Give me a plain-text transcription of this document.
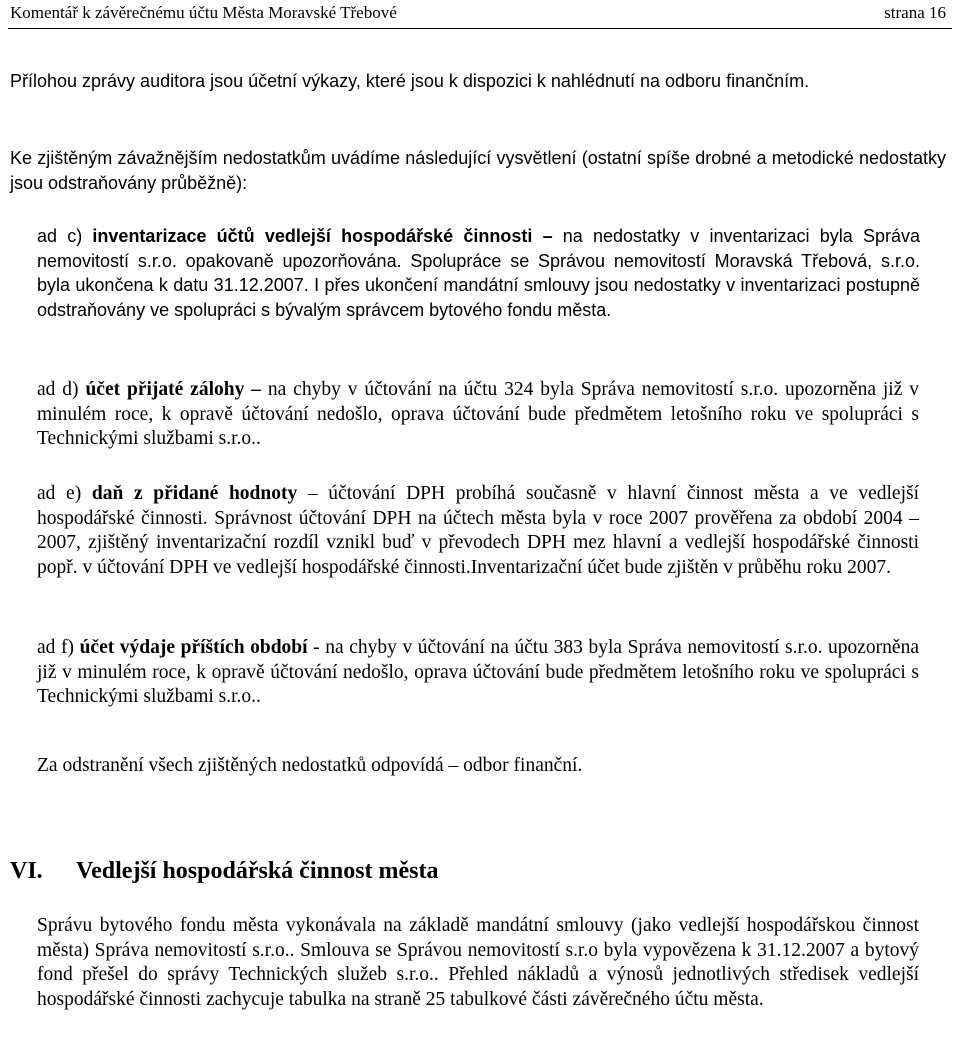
Komentář k závěrečnému účtu Města Moravské Třebové	strana 16

Přílohou zprávy auditora jsou účetní výkazy, které jsou k dispozici k nahlédnutí na odboru finančním.

Ke zjištěným závažnějším nedostatkům uvádíme následující vysvětlení (ostatní spíše drobné a metodické nedostatky jsou odstraňovány průběžně):

ad c) inventarizace účtů vedlejší hospodářské činnosti – na nedostatky v inventarizaci byla Správa nemovitostí s.r.o. opakovaně upozorňována. Spolupráce se Správou nemovitostí Moravská Třebová, s.r.o. byla ukončena k datu 31.12.2007. I přes ukončení mandátní smlouvy jsou nedostatky v inventarizaci postupně odstraňovány ve spolupráci s bývalým správcem bytového fondu města.

ad d) účet přijaté zálohy – na chyby v účtování na účtu 324 byla Správa nemovitostí s.r.o. upozorněna již v minulém roce, k opravě účtování nedošlo, oprava účtování bude předmětem letošního roku ve spolupráci s Technickými službami s.r.o..

ad e) daň z přidané hodnoty – účtování DPH probíhá současně v hlavní činnost města a ve vedlejší hospodářské činnosti. Správnost účtování DPH na účtech města byla v roce 2007 prověřena za období 2004 – 2007, zjištěný inventarizační rozdíl vznikl buď v převodech DPH mez hlavní a vedlejší hospodářské činnosti popř. v účtování DPH ve vedlejší hospodářské činnosti.Inventarizační účet bude zjištěn v průběhu roku 2007.

ad f) účet výdaje příštích období - na chyby v účtování na účtu 383 byla Správa nemovitostí s.r.o. upozorněna již v minulém roce, k opravě účtování nedošlo, oprava účtování bude předmětem letošního roku ve spolupráci s Technickými službami s.r.o..

Za odstranění všech zjištěných nedostatků odpovídá – odbor finanční.

VI. Vedlejší hospodářská činnost města

Správu bytového fondu města vykonávala na základě mandátní smlouvy (jako vedlejší hospodářskou činnost města) Správa nemovitostí s.r.o.. Smlouva se Správou nemovitostí s.r.o byla vypovězena k 31.12.2007 a bytový fond přešel do správy Technických služeb s.r.o.. Přehled nákladů a výnosů jednotlivých středisek vedlejší hospodářské činnosti zachycuje tabulka na straně 25 tabulkové části závěrečného účtu města.
